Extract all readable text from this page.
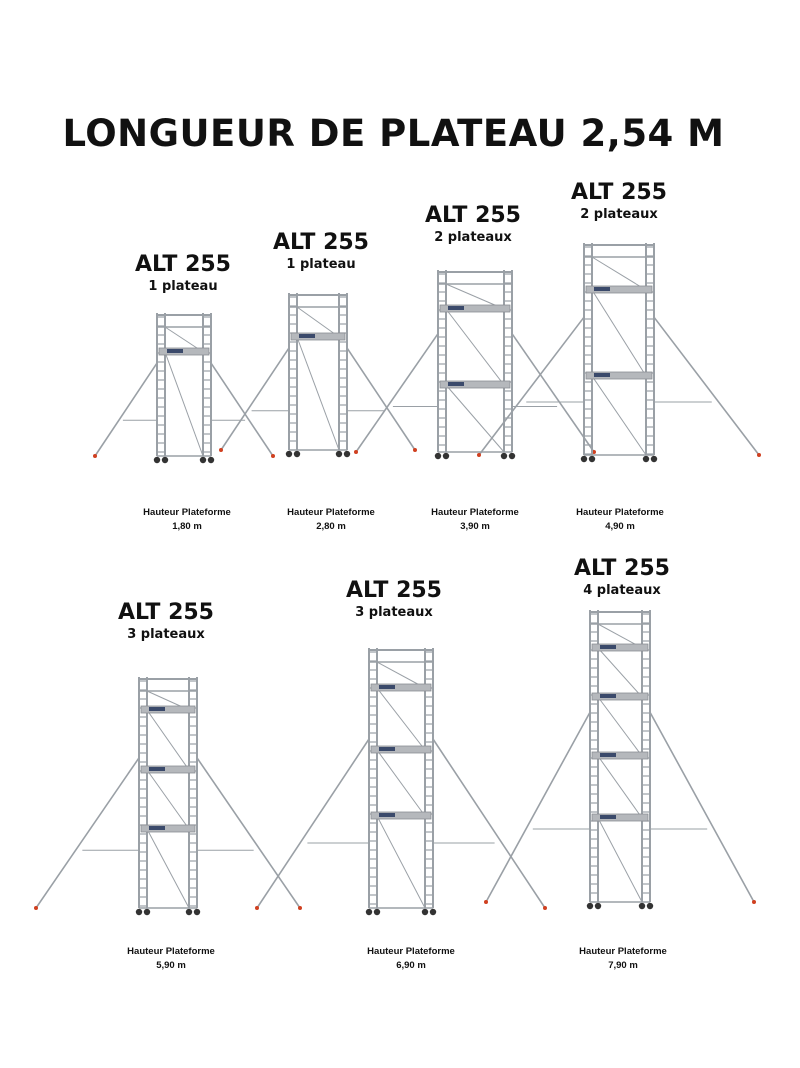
LONGUEUR DE PLATEAU 2,54 M
ALT 255
1 plateau
Hauteur Plateforme
1,80 m
ALT 255
1 plateau
Hauteur Plateforme
2,80 m
ALT 255
2 plateaux
Hauteur Plateforme
3,90 m
ALT 255
2 plateaux
Hauteur Plateforme
4,90 m
ALT 255
3 plateaux
Hauteur Plateforme
5,90 m
ALT 255
3 plateaux
Hauteur Plateforme
6,90 m
ALT 255
4 plateaux
Hauteur Plateforme
7,90 m
